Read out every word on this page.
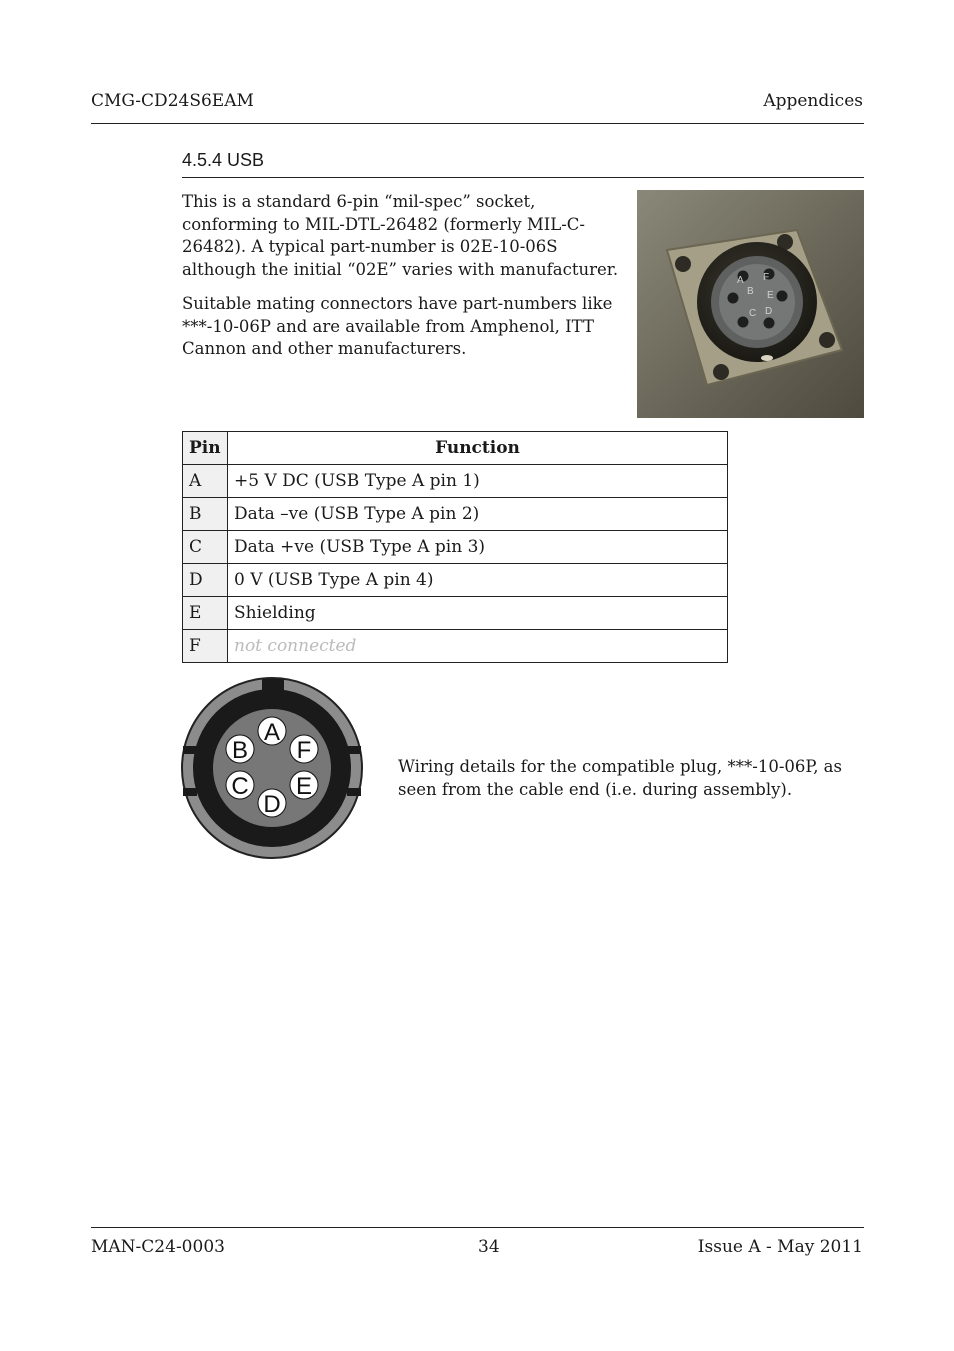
CMG-CD24S6EAM	Appendices
4.5.4 USB

This is a standard 6-pin “mil-spec” socket, conforming to MIL-DTL-26482 (formerly MIL-C-26482). A typical part-number is 02E-10-06S although the initial “02E” varies with manufacturer.

Suitable mating connectors have part-numbers like ***-10-06P and are available from Amphenol, ITT Cannon and other manufacturers.

A
B
C D
E
F
Pin	Function
A	+5 V DC (USB Type A pin 1)
B	Data –ve (USB Type A pin 2)
C	Data +ve (USB Type A pin 3)
D	0 V (USB Type A pin 4)
E	Shielding
F	not connected
A
B
C
D
E
F
Wiring details for the compatible plug, ***-10-06P, as seen from the cable end (i.e. during assembly).
MAN-C24-0003	34	Issue A - May 2011
